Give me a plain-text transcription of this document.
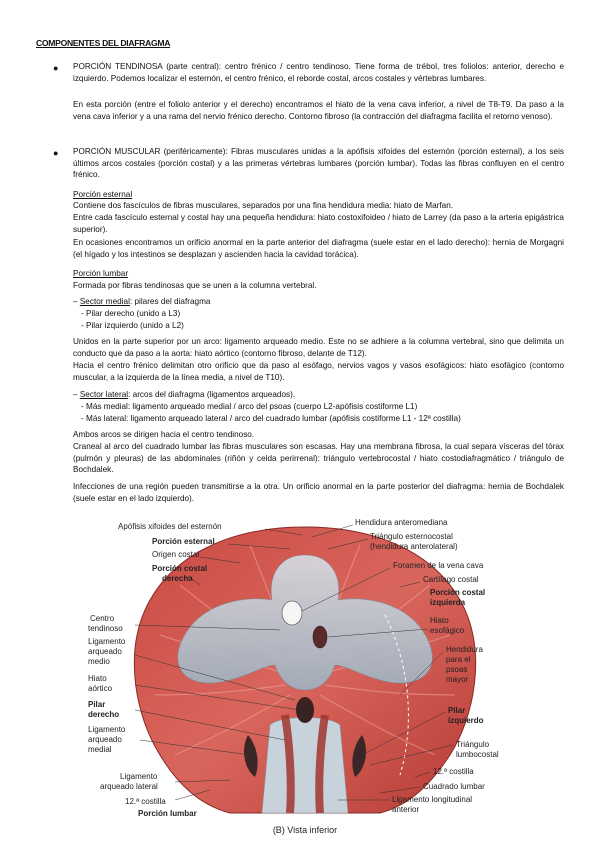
COMPONENTES DEL DIAFRAGMA
● PORCIÓN TENDINOSA (parte central): centro frénico / centro tendinoso. Tiene forma de trébol, tres foliolos: anterior, derecho e izquierdo. Podemos localizar el esternón, el centro frénico, el reborde costal, arcos costales y vértebras lumbares.
En esta porción (entre el foliolo anterior y el derecho) encontramos el hiato de la vena cava inferior, a nivel de T8-T9. Da paso a la vena cava inferior y a una rama del nervio frénico derecho. Contorno fibroso (la contracción del diafragma facilita el retorno venoso).
● PORCIÓN MUSCULAR (periféricamente): Fibras musculares unidas a la apófisis xifoides del esternón (porción esternal), a los seis últimos arcos costales (porción costal) y a las primeras vértebras lumbares (porción lumbar). Todas las fibras confluyen en el centro frénico.
Porción esternal
Contiene dos fascículos de fibras musculares, separados por una fina hendidura media: hiato de Marfan.
Entre cada fascículo esternal y costal hay una pequeña hendidura: hiato costoxifoideo / hiato de Larrey (da paso a la arteria epigástrica superior).
En ocasiones encontramos un orificio anormal en la parte anterior del diafragma (suele estar en el lado derecho): hernia de Morgagni (el hígado y los intestinos se desplazan y ascienden hacia la cavidad torácica).
Porción lumbar
Formada por fibras tendinosas que se unen a la columna vertebral.
– Sector medial: pilares del diafragma
- Pilar derecho (unido a L3)
- Pilar izquierdo (unido a L2)
Unidos en la parte superior por un arco: ligamento arqueado medio. Este no se adhiere a la columna vertebral, sino que delimita un conducto que da paso a la aorta: hiato aórtico (contorno fibroso, delante de T12).
Hacia el centro frénico delimitan otro orificio que da paso al esófago, nervios vagos y vasos esofágicos: hiato esofágico (contorno muscular, a la izquierda de la línea media, a nivel de T10).
– Sector lateral: arcos del diafragma (ligamentos arqueados).
- Más medial: ligamento arqueado medial / arco del psoas (cuerpo L2-apófisis costiforme L1)
- Más lateral: ligamento arqueado lateral / arco del cuadrado lumbar (apófisis costiforme L1 - 12ª costilla)
Ambos arcos se dirigen hacia el centro tendinoso.
Craneal al arco del cuadrado lumbar las fibras musculares son escasas. Hay una membrana fibrosa, la cual separa vísceras del tórax (pulmón y pleuras) de las abdominales (riñón y celda perirrenal): triángulo vertebrocostal / hiato costodiafragmático / triángulo de Bochdalek.
Infecciones de una región pueden transmitirse a la otra. Un orificio anormal en la parte posterior del diafragma: hernia de Bochdalek (suele estar en el lado izquierdo).
Apófisis xifoides del esternón
Porción esternal
Origen costal
Porción costal
derecha
Centro
tendinoso
Ligamento
arqueado
medio
Hiato
aórtico
Pilar
derecho
Ligamento
arqueado
medial
Ligamento
arqueado lateral
12.ª costilla
Porción lumbar
Hendidura anteromediana
Triángulo esternocostal
(hendidura anterolateral)
Foramen de la vena cava
Cartílago costal
Porción costal
izquierda
Hiato
esofágico
Hendidura
para el
psoas
mayor
Pilar
izquierdo
Triángulo
lumbocostal
12.ª costilla
Cuadrado lumbar
Ligamento longitudinal
anterior
(B) Vista inferior
